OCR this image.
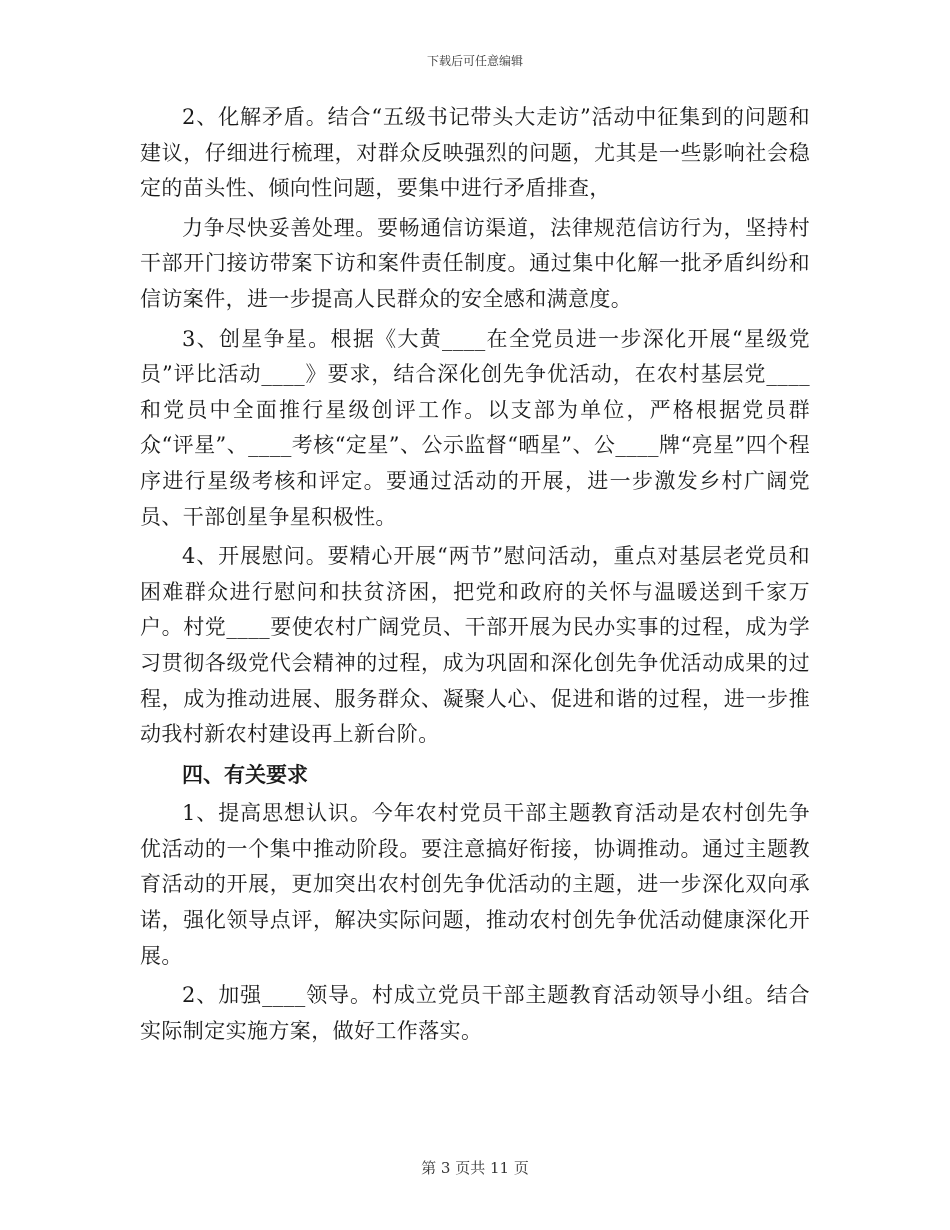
下载后可任意编辑

2、化解矛盾。结合“五级书记带头大走访”活动中征集到的问题和建议，仔细进行梳理，对群众反映强烈的问题，尤其是一些影响社会稳定的苗头性、倾向性问题，要集中进行矛盾排查，

力争尽快妥善处理。要畅通信访渠道，法律规范信访行为，坚持村干部开门接访带案下访和案件责任制度。通过集中化解一批矛盾纠纷和信访案件，进一步提高人民群众的安全感和满意度。

3、创星争星。根据《大黄____在全党员进一步深化开展“星级党员”评比活动____》要求，结合深化创先争优活动，在农村基层党____和党员中全面推行星级创评工作。以支部为单位，严格根据党员群众“评星”、____考核“定星”、公示监督“晒星”、公____牌“亮星”四个程序进行星级考核和评定。要通过活动的开展，进一步激发乡村广阔党员、干部创星争星积极性。

4、开展慰问。要精心开展“两节”慰问活动，重点对基层老党员和困难群众进行慰问和扶贫济困，把党和政府的关怀与温暖送到千家万户。村党____要使农村广阔党员、干部开展为民办实事的过程，成为学习贯彻各级党代会精神的过程，成为巩固和深化创先争优活动成果的过程，成为推动进展、服务群众、凝聚人心、促进和谐的过程，进一步推动我村新农村建设再上新台阶。

四、有关要求

1、提高思想认识。今年农村党员干部主题教育活动是农村创先争优活动的一个集中推动阶段。要注意搞好衔接，协调推动。通过主题教育活动的开展，更加突出农村创先争优活动的主题，进一步深化双向承诺，强化领导点评，解决实际问题，推动农村创先争优活动健康深化开展。

2、加强____领导。村成立党员干部主题教育活动领导小组。结合实际制定实施方案，做好工作落实。

第 3 页共 11 页
